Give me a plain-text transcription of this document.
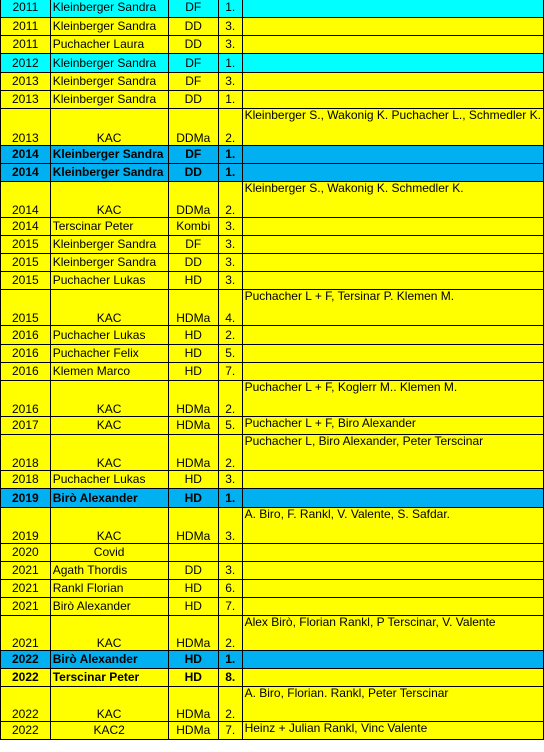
2011	Kleinberger Sandra	DF	1.	
2011	Kleinberger Sandra	DD	3.	
2011	Puchacher Laura	DD	3.	
2012	Kleinberger Sandra	DF	1.	
2013	Kleinberger Sandra	DF	3.	
2013	Kleinberger Sandra	DD	1.	
2013	KAC	DDMa	2.	Kleinberger S., Wakonig K. Puchacher L., Schmedler K.
2014	Kleinberger Sandra	DF	1.	
2014	Kleinberger Sandra	DD	1.	
2014	KAC	DDMa	2.	Kleinberger S., Wakonig K. Schmedler K.
2014	Terscinar Peter	Kombi	3.	
2015	Kleinberger Sandra	DF	3.	
2015	Kleinberger Sandra	DD	3.	
2015	Puchacher Lukas	HD	3.	
2015	KAC	HDMa	4.	Puchacher L + F, Tersinar P. Klemen M.
2016	Puchacher Lukas	HD	2.	
2016	Puchacher Felix	HD	5.	
2016	Klemen Marco	HD	7.	
2016	KAC	HDMa	2.	Puchacher L + F, Koglerr M.. Klemen M.
2017	KAC	HDMa	5.	Puchacher L + F, Biro Alexander
2018	KAC	HDMa	2.	Puchacher L, Biro Alexander, Peter Terscinar
2018	Puchacher Lukas	HD	3.	
2019	Birò Alexander	HD	1.	
2019	KAC	HDMa	3.	A. Biro, F. Rankl, V. Valente, S. Safdar.
2020	Covid			
2021	Agath Thordis	DD	3.	
2021	Rankl Florian	HD	6.	
2021	Birò Alexander	HD	7.	
2021	KAC	HDMa	2.	Alex Birò, Florian Rankl, P Terscinar, V. Valente
2022	Birò Alexander	HD	1.	
2022	Terscinar Peter	HD	8.	
2022	KAC	HDMa	2.	A. Biro, Florian. Rankl, Peter Terscinar
2022	KAC2	HDMa	7.	Heinz + Julian Rankl, Vinc Valente
